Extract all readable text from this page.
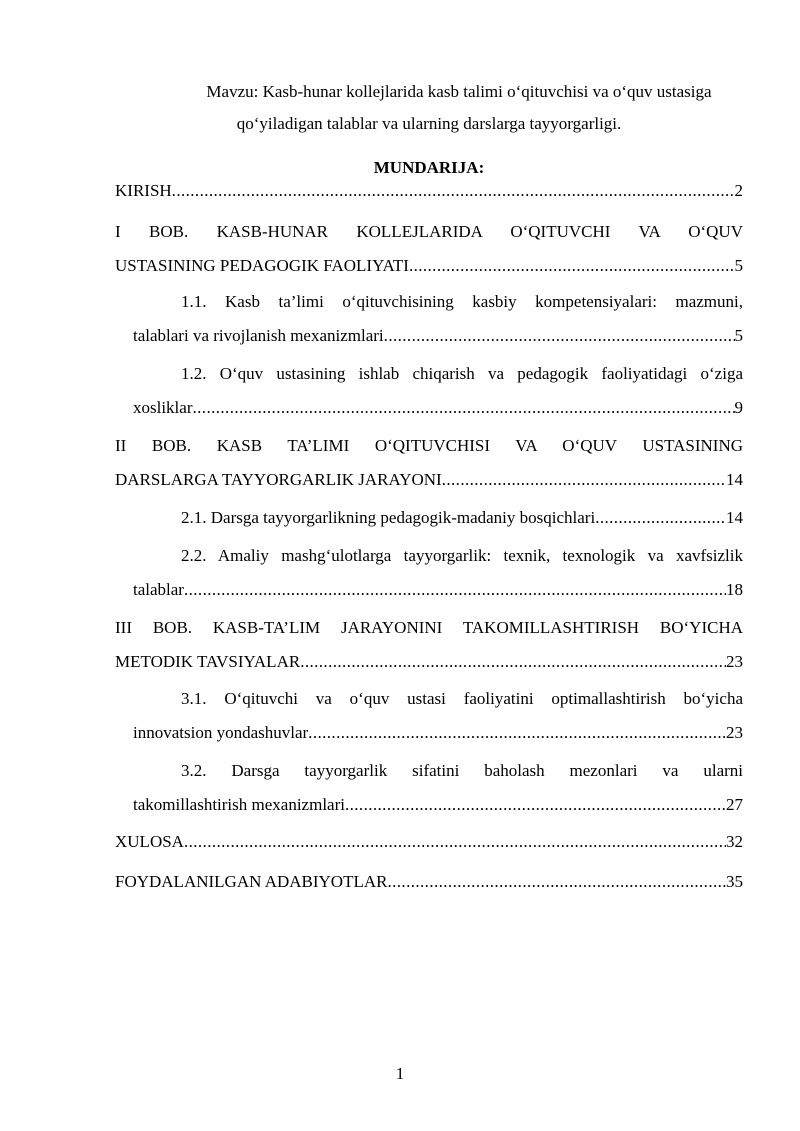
Mavzu: Kasb-hunar kollejlarida kasb talimi o‘qituvchisi va o‘quv ustasiga
qo‘yiladigan talablar va ularning darslarga tayyorgarligi.
MUNDARIJA:
KIRISH .....	2
I BOB. KASB-HUNAR KOLLEJLARIDA O‘QITUVCHI VA O‘QUV
USTASINING PEDAGOGIK FAOLIYATI .....	5
1.1. Kasb ta’limi o‘qituvchisining kasbiy kompetensiyalari: mazmuni,
talablari va rivojlanish mexanizmlari .....	5
1.2. O‘quv ustasining ishlab chiqarish va pedagogik faoliyatidagi o‘ziga
xosliklar .....	9
II BOB. KASB TA’LIMI O‘QITUVCHISI VA O‘QUV USTASINING
DARSLARGA TAYYORGARLIK JARAYONI .....	14
2.1. Darsga tayyorgarlikning pedagogik-madaniy bosqichlari .....	14
2.2. Amaliy mashg‘ulotlarga tayyorgarlik: texnik, texnologik va xavfsizlik
talablar .....	18
III BOB. KASB-TA’LIM JARAYONINI TAKOMILLASHTIRISH BO‘YICHA
METODIK TAVSIYALAR .....	23
3.1. O‘qituvchi va o‘quv ustasi faoliyatini optimallashtirish bo‘yicha
innovatsion yondashuvlar .....	23
3.2. Darsga tayyorgarlik sifatini baholash mezonlari va ularni
takomillashtirish mexanizmlari .....	27
XULOSA .....	32
FOYDALANILGAN ADABIYOTLAR .....	35
1
